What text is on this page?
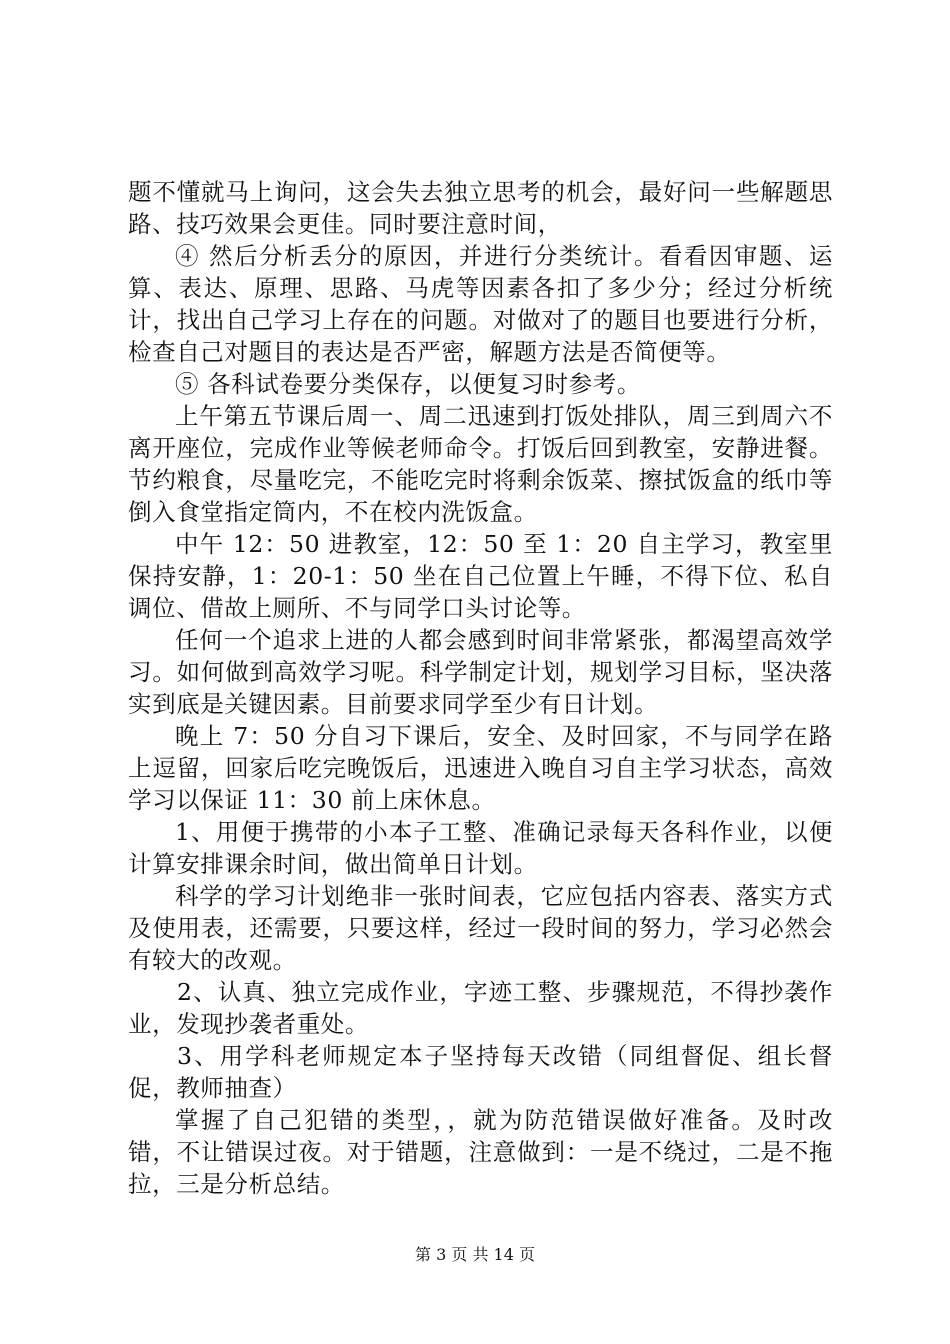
题不懂就马上询问，这会失去独立思考的机会，最好问一些解题思路、技巧效果会更佳。同时要注意时间，

④ 然后分析丢分的原因，并进行分类统计。看看因审题、运算、表达、原理、思路、马虎等因素各扣了多少分；经过分析统计，找出自己学习上存在的问题。对做对了的题目也要进行分析，检查自己对题目的表达是否严密，解题方法是否简便等。

⑤ 各科试卷要分类保存，以便复习时参考。

上午第五节课后周一、周二迅速到打饭处排队，周三到周六不离开座位，完成作业等候老师命令。打饭后回到教室，安静进餐。节约粮食，尽量吃完，不能吃完时将剩余饭菜、擦拭饭盒的纸巾等倒入食堂指定筒内，不在校内洗饭盒。

中午 12：50 进教室，12：50 至 1：20 自主学习，教室里保持安静，1：20-1：50 坐在自己位置上午睡，不得下位、私自调位、借故上厕所、不与同学口头讨论等。

任何一个追求上进的人都会感到时间非常紧张，都渴望高效学习。如何做到高效学习呢。科学制定计划，规划学习目标，坚决落实到底是关键因素。目前要求同学至少有日计划。

晚上 7：50 分自习下课后，安全、及时回家，不与同学在路上逗留，回家后吃完晚饭后，迅速进入晚自习自主学习状态，高效学习以保证 11：30 前上床休息。

1、用便于携带的小本子工整、准确记录每天各科作业，以便计算安排课余时间，做出简单日计划。

科学的学习计划绝非一张时间表，它应包括内容表、落实方式及使用表，还需要，只要这样，经过一段时间的努力，学习必然会有较大的改观。

2、认真、独立完成作业，字迹工整、步骤规范，不得抄袭作业，发现抄袭者重处。

3、用学科老师规定本子坚持每天改错（同组督促、组长督促，教师抽查）

掌握了自己犯错的类型，，就为防范错误做好准备。及时改错，不让错误过夜。对于错题，注意做到：一是不绕过，二是不拖拉，三是分析总结。

第 3 页 共 14 页
